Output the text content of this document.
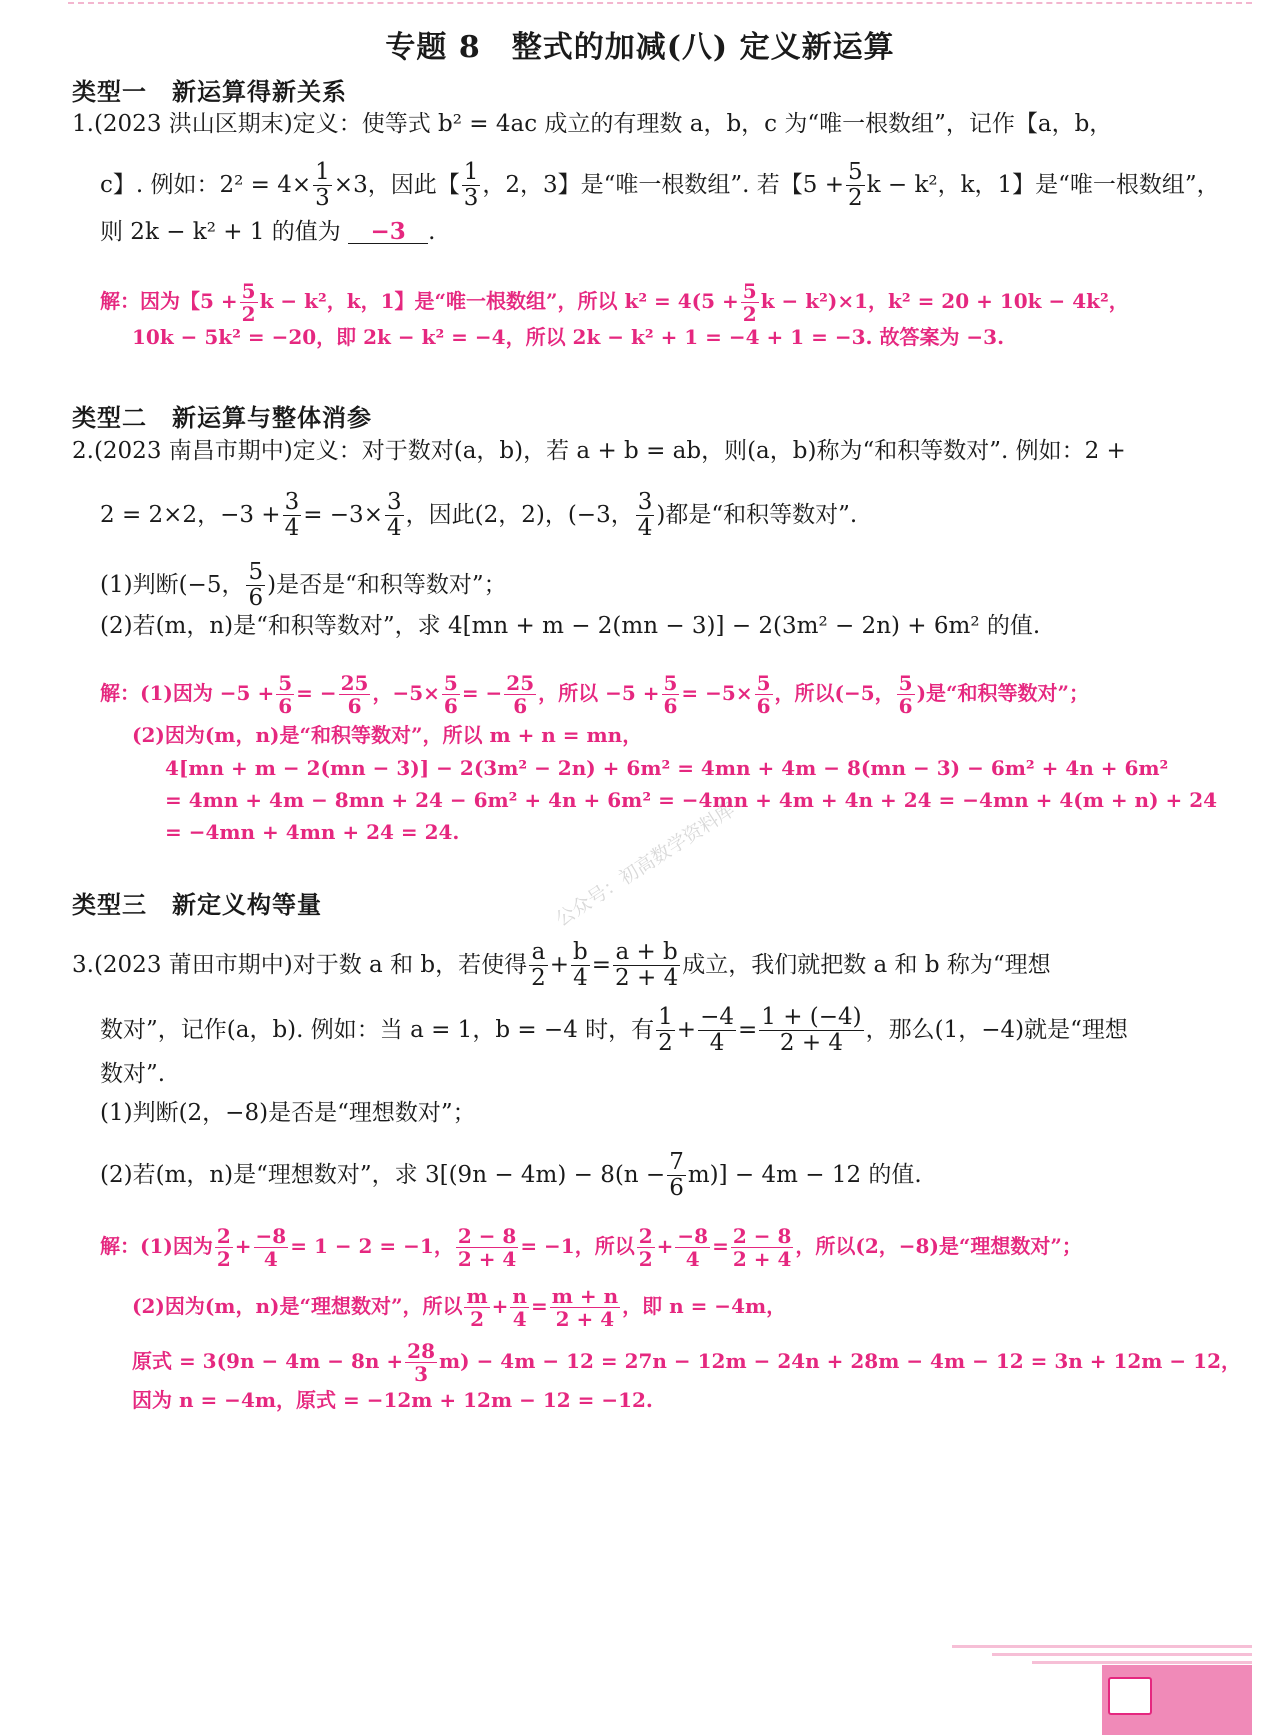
专题 8　整式的加减(八) 定义新运算
公众号：初高数学资料库
类型一　新运算得新关系
1.(2023 洪山区期末)定义：使等式 b² = 4ac 成立的有理数 a，b，c 为“唯一根数组”，记作【a，b，
c】. 例如：$2^2 = 4\times \frac{1}{3} \times 3$，因此【 $\frac{1}{3}$ ，2，3】是“唯一根数组”. 若【$5 + \frac{5}{2}$ k − k²，k，1】是“唯一根数组”，
则 2k − k² + 1 的值为 −3 .
解：因为【$5 + \frac{5}{2}$ k − k²，k，1】是“唯一根数组”，所以 $k^2 = 4(5 + \frac{5}{2}$ k − k²)×1，k² = 20 + 10k − 4k²，
10k − 5k² = −20，即 2k − k² = −4，所以 2k − k² + 1 = −4 + 1 = −3. 故答案为 −3.
类型二　新运算与整体消参
2.(2023 南昌市期中)定义：对于数对(a，b)，若 a + b = ab，则(a，b)称为“和积等数对”. 例如：2 +
2 = 2×2，$-3 + \frac{3}{4} = -3\times \frac{3}{4}$ ，因此(2，2)，(−3， $\frac{3}{4}$ )都是“和积等数对”.
(1)判断(−5， $\frac{5}{6}$ )是否是“和积等数对”；
(2)若(m，n)是“和积等数对”，求 4[mn + m − 2(mn − 3)] − 2(3m² − 2n) + 6m² 的值.
解：(1)因为 $-5 + \frac{5}{6}$ = − $\frac{25}{6}$ ，$-5\times \frac{5}{6}$ = − $\frac{25}{6}$ ，所以 $-5 + \frac{5}{6} = -5\times \frac{5}{6}$ ，所以(−5， $\frac{5}{6}$ )是“和积等数对”；
(2)因为(m，n)是“和积等数对”，所以 m + n = mn，
4[mn + m − 2(mn − 3)] − 2(3m² − 2n) + 6m² = 4mn + 4m − 8(mn − 3) − 6m² + 4n + 6m²
= 4mn + 4m − 8mn + 24 − 6m² + 4n + 6m² = −4mn + 4m + 4n + 24 = −4mn + 4(m + n) + 24
= −4mn + 4mn + 24 = 24.
类型三　新定义构等量
3.(2023 莆田市期中)对于数 a 和 b，若使得 $\frac{a}{2} + \frac{b}{4} = \frac{a + b}{2 + 4}$ 成立，我们就把数 a 和 b 称为“理想
数对”，记作(a，b). 例如：当 a = 1，b = −4 时，有 $\frac{1}{2} + \frac{-4}{4} = \frac{1 + (-4)}{2 + 4}$ ，那么(1，−4)就是“理想
数对”.
(1)判断(2，−8)是否是“理想数对”；
(2)若(m，n)是“理想数对”，求 $3[(9n - 4m) - 8(n - \frac{7}{6} m)] - 4m - 12$ 的值.
解：(1)因为 $\frac{2}{2} + \frac{-8}{4} = 1 - 2 = -1$， $\frac{2 - 8}{2 + 4} = -1$，所以 $\frac{2}{2} + \frac{-8}{4} = \frac{2 - 8}{2 + 4}$ ，所以(2，−8)是“理想数对”；
(2)因为(m，n)是“理想数对”，所以 $\frac{m}{2} + \frac{n}{4} = \frac{m + n}{2 + 4}$ ，即 n = −4m，
原式 = $3(9n - 4m - 8n + \frac{28}{3} m) - 4m - 12 = 27n - 12m - 24n + 28m - 4m - 12 = 3n + 12m - 12$，
因为 n = −4m，原式 = −12m + 12m − 12 = −12.
